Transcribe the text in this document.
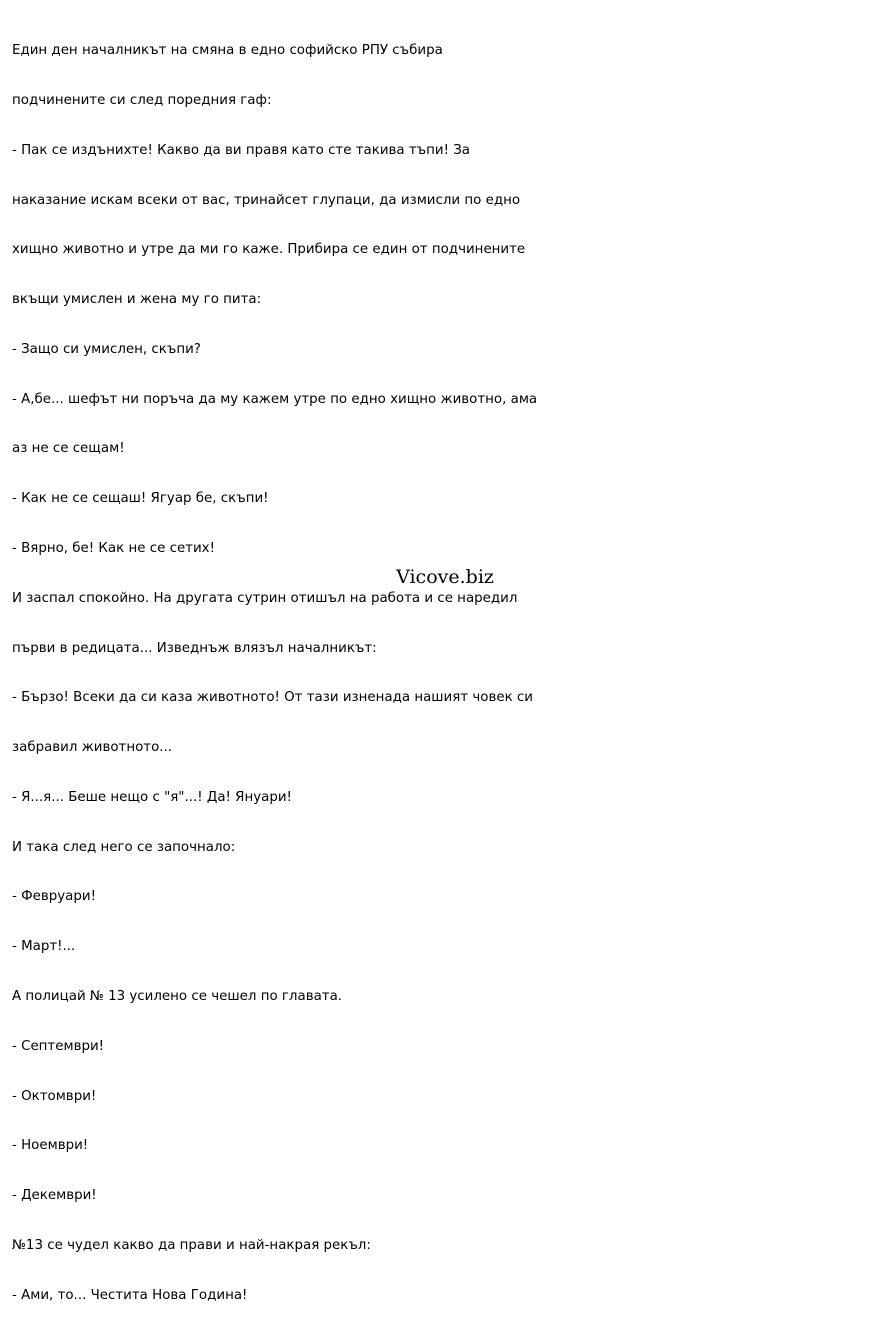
Един ден началникът на смяна в едно софийско РПУ събира

подчинените си след поредния гаф:

- Пак се издънихте! Какво да ви правя като сте такива тъпи! За

наказание искам всеки от вас, тринайсет глупаци, да измисли по едно

хищно животно и утре да ми го каже. Прибира се един от подчинените

вкъщи умислен и жена му го пита:

- Защо си умислен, скъпи?

- А,бе... шефът ни поръча да му кажем утре по едно хищно животно, ама

аз не се сещам!

- Как не се сещаш! Ягуар бе, скъпи!

- Вярно, бе! Как не се сетих!

И заспал спокойно. На другата сутрин отишъл на работа и се наредил

първи в редицата... Изведнъж влязъл началникът:

- Бързо! Всеки да си каза животното! От тази изненада нашият човек си

забравил животното...

- Я...я... Беше нещо с "я"...! Да! Януари!

И така след него се започнало:

- Февруари!

- Март!...

А полицай № 13 усилено се чешел по главата.

- Септември!

- Октомври!

- Ноември!

- Декември!

№13 се чудел какво да прави и най-накрая рекъл:

- Ами, то... Честита Нова Година!

Vicove.biz
